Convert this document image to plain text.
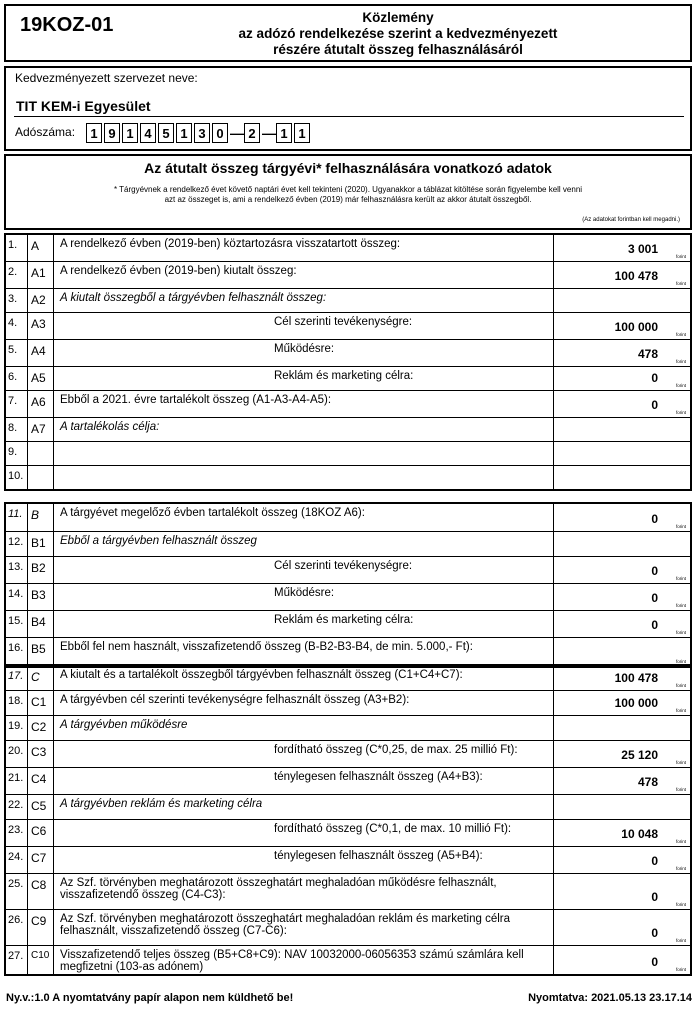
19KOZ-01	Közlemény
az adózó rendelkezése szerint a kedvezményezett
részére átutalt összeg felhasználásáról
Kedvezményezett szervezet neve:
TIT KEM-i Egyesület
Adószáma:	1 9 1 4 5 1 3 0 — 2 — 1 1
Az átutalt összeg tárgyévi* felhasználására vonatkozó adatok
* Tárgyévnek a rendelkező évet követő naptári évet kell tekinteni (2020). Ugyanakkor a táblázat kitöltése során figyelembe kell venni
azt az összeget is, ami a rendelkező évben (2019) már felhasználásra került az akkor átutalt összegből.
(Az adatokat forintban kell megadni.)
1.	A	A rendelkező évben (2019-ben) köztartozásra visszatartott összeg:	3 001
forint
2.	A1	A rendelkező évben (2019-ben) kiutalt összeg:	100 478
forint
3.	A2	A kiutalt összegből a tárgyévben felhasznált összeg:
4.	A3	Cél szerinti tevékenységre:	100 000
forint
5.	A4	Működésre:	478
forint
6.	A5	Reklám és marketing célra:	0
forint
7.	A6	Ebből a 2021. évre tartalékolt összeg (A1-A3-A4-A5):	0
forint
8.	A7	A tartalékolás célja:
9.
10.
11. B	A tárgyévet megelőző évben tartalékolt összeg (18KOZ A6):	0
forint
12. B1	Ebből a tárgyévben felhasznált összeg
13. B2	Cél szerinti tevékenységre:	0
forint
14. B3	Működésre:	0
forint
15. B4	Reklám és marketing célra:	0
forint
16. B5	Ebből fel nem használt, visszafizetendő összeg (B-B2-B3-B4, de min. 5.000,- Ft):
forint
17. C	A kiutalt és a tartalékolt összegből tárgyévben felhasznált összeg (C1+C4+C7):	100 478
forint
18. C1	A tárgyévben cél szerinti tevékenységre felhasznált összeg (A3+B2):	100 000
forint
19. C2	A tárgyévben működésre
20. C3	fordítható összeg (C*0,25, de max. 25 millió Ft):	25 120
forint
21. C4	ténylegesen felhasznált összeg (A4+B3):	478
forint
22. C5	A tárgyévben reklám és marketing célra
23. C6	fordítható összeg (C*0,1, de max. 10 millió Ft):	10 048
forint
24. C7	ténylegesen felhasznált összeg (A5+B4):	0
forint
25. C8	Az Szf. törvényben meghatározott összeghatárt meghaladóan működésre felhasznált, visszafizetendő összeg (C4-C3):	0
forint
26. C9	Az Szf. törvényben meghatározott összeghatárt meghaladóan reklám és marketing célra felhasznált, visszafizetendő összeg (C7-C6):	0
forint
27. C10 Visszafizetendő teljes összeg (B5+C8+C9): NAV 10032000-06056353 számú számlára kell megfizetni (103-as adónem)	0
forint
Ny.v.:1.0 A nyomtatvány papír alapon nem küldhető be!	Nyomtatva: 2021.05.13 23.17.14
